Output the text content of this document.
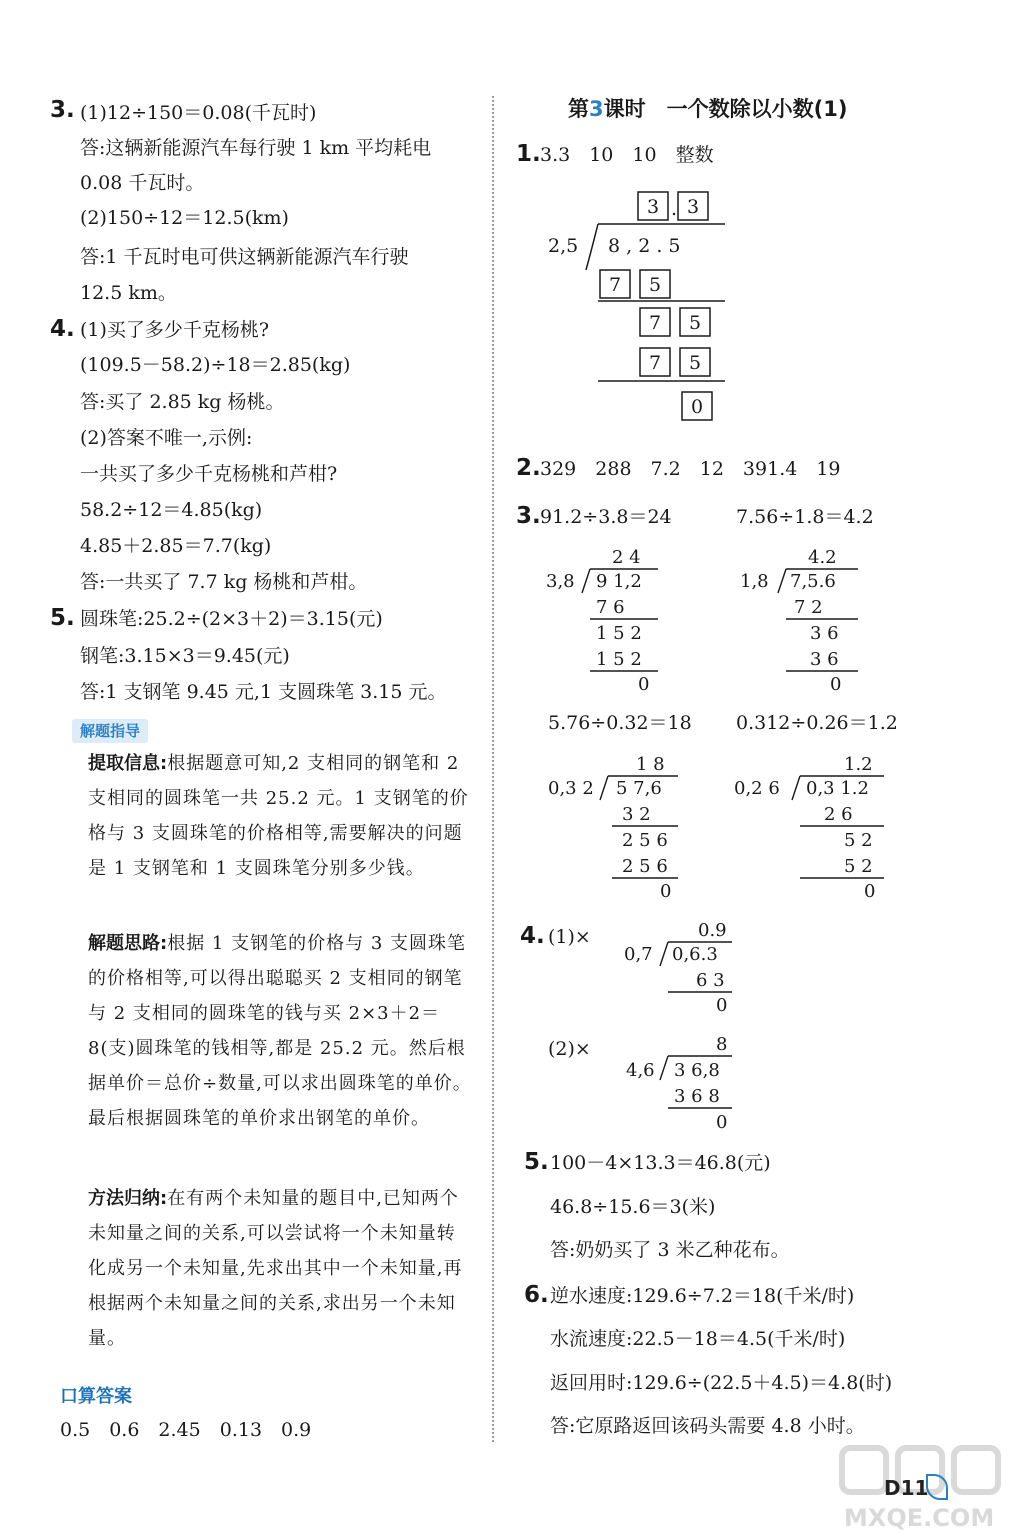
3. (1)12÷150＝0.08(千瓦时)
答:这辆新能源汽车每行驶 1 km 平均耗电
0.08 千瓦时。
(2)150÷12＝12.5(km)
答:1 千瓦时电可供这辆新能源汽车行驶
12.5 km。
4. (1)买了多少千克杨桃?
(109.5－58.2)÷18＝2.85(kg)
答:买了 2.85 kg 杨桃。
(2)答案不唯一,示例:
一共买了多少千克杨桃和芦柑?
58.2÷12＝4.85(kg)
4.85＋2.85＝7.7(kg)
答:一共买了 7.7 kg 杨桃和芦柑。
5. 圆珠笔:25.2÷(2×3＋2)＝3.15(元)
钢笔:3.15×3＝9.45(元)
答:1 支钢笔 9.45 元,1 支圆珠笔 3.15 元。
解题指导
提取信息:根据题意可知,2 支相同的钢笔和 2 支相同的圆珠笔一共 25.2 元。1 支钢笔的价格与 3 支圆珠笔的价格相等,需要解决的问题是 1 支钢笔和 1 支圆珠笔分别多少钱。
解题思路:根据 1 支钢笔的价格与 3 支圆珠笔的价格相等,可以得出聪聪买 2 支相同的钢笔与 2 支相同的圆珠笔的钱与买 2×3＋2＝8(支)圆珠笔的钱相等,都是 25.2 元。然后根据单价＝总价÷数量,可以求出圆珠笔的单价。最后根据圆珠笔的单价求出钢笔的单价。
方法归纳:在有两个未知量的题目中,已知两个未知量之间的关系,可以尝试将一个未知量转化成另一个未知量,先求出其中一个未知量,再根据两个未知量之间的关系,求出另一个未知量。
口算答案
0.5　0.6　2.45　0.13　0.9
第3课时　一个数除以小数(1)
1. 3.3　10　10　整数
3 . 3
2,5 8 , 2 . 5
7 5
7 5
7 5
0
2. 329　288　7.2　12　391.4　19
3. 91.2÷3.8＝24	7.56÷1.8＝4.2
2 4
3,8 9 1,2
7 6
1 5 2
1 5 2
0
4.2
1,8 7,5.6
7 2
3 6
3 6
0
5.76÷0.32＝18 0.312÷0.26＝1.2
1 8
0,3 2 5 7,6
3 2
2 5 6
2 5 6
0
1.2
0,2 6 0,3 1.2
2 6
5 2
5 2
0
4. (1)×	0.9
0,7 0,6.3
6 3
0
(2)×	8
4,6 3 6,8
3 6 8
0
5. 100－4×13.3＝46.8(元)
46.8÷15.6＝3(米)
答:奶奶买了 3 米乙种花布。
6. 逆水速度:129.6÷7.2＝18(千米/时)
水流速度:22.5－18＝4.5(千米/时)
返回用时:129.6÷(22.5＋4.5)＝4.8(时)
答:它原路返回该码头需要 4.8 小时。
MXQE.COM
D11
